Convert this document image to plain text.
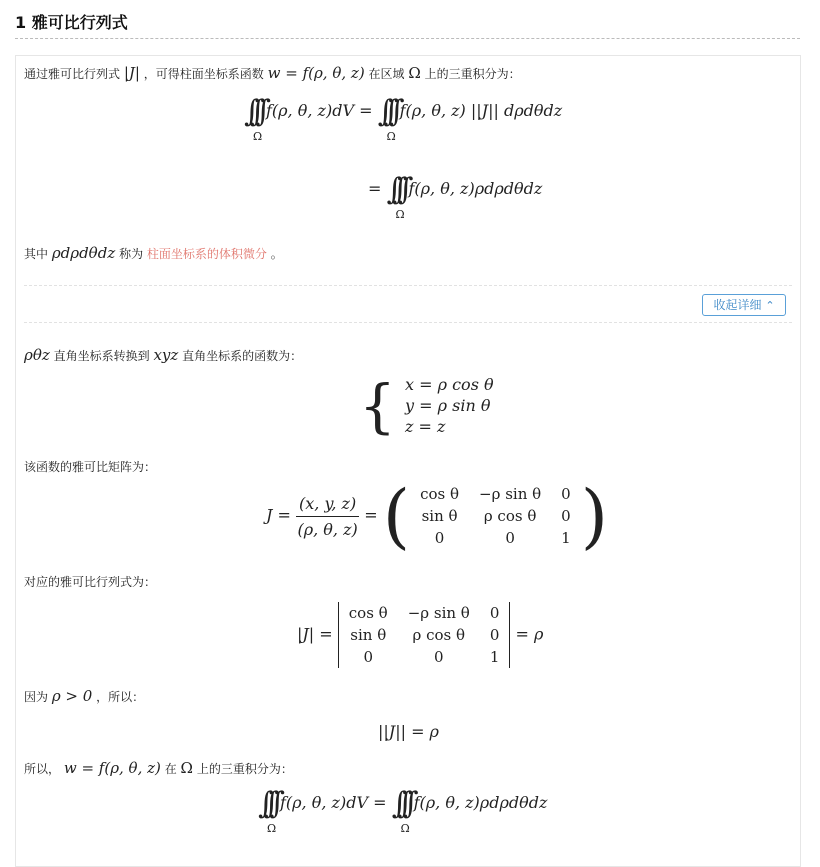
1 雅可比行列式
通过雅可比行列式 |J| ，可得柱面坐标系函数 w = f(ρ, θ, z) 在区域 Ω 上的三重积分为：
∫∫∫
Ω
f(ρ, θ, z)dV = ∫∫∫
Ω
f(ρ, θ, z) ||J|| dρdθdz
= ∫∫∫
Ω
f(ρ, θ, z)ρdρdθdz
其中 ρdρdθdz 称为 柱面坐标系的体积微分 。
收起详细 ⌃
ρθz 直角坐标系转换到 xyz 直角坐标系的函数为：
{ x = ρ cos θ
y = ρ sin θ
z = z
该函数的雅可比矩阵为：
$J = \frac{(x, y, z)}{(\rho, \theta, z)}$ = ( cos θ	−ρ sin θ	0
sin θ	ρ cos θ	0
0	0	1 )
对应的雅可比行列式为：
|J| = cos θ	−ρ sin θ	0
sin θ	ρ cos θ	0
0	0	1 = ρ
因为 ρ > 0 ，所以：
||J|| = ρ
所以， w = f(ρ, θ, z) 在 Ω 上的三重积分为：
∫∫∫
Ω
f(ρ, θ, z)dV = ∫∫∫
Ω
f(ρ, θ, z)ρdρdθdz
